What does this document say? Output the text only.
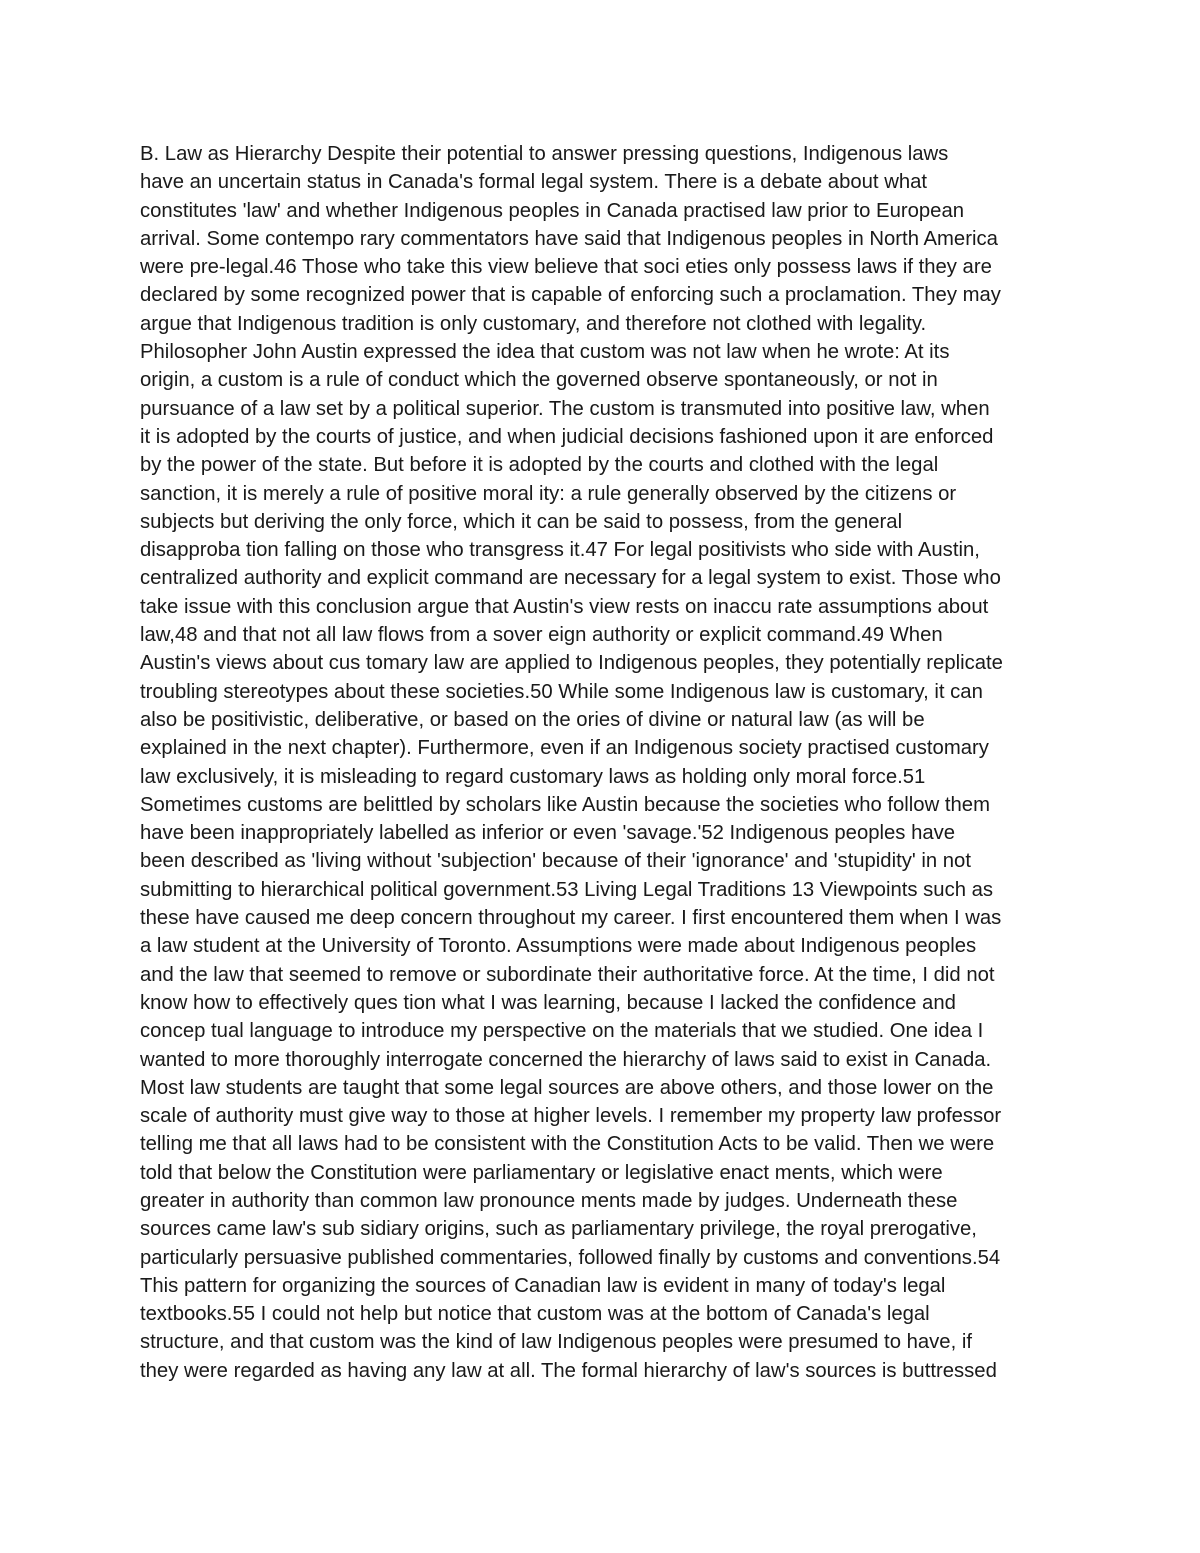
B. Law as Hierarchy Despite their potential to answer pressing questions, Indigenous laws
have an uncertain status in Canada's formal legal system. There is a debate about what
constitutes 'law' and whether Indigenous peoples in Canada practised law prior to European
arrival. Some contempo rary commentators have said that Indigenous peoples in North America
were pre-legal.46 Those who take this view believe that soci eties only possess laws if they are
declared by some recognized power that is capable of enforcing such a proclamation. They may
argue that Indigenous tradition is only customary, and therefore not clothed with legality.
Philosopher John Austin expressed the idea that custom was not law when he wrote: At its
origin, a custom is a rule of conduct which the governed observe spontaneously, or not in
pursuance of a law set by a political superior. The custom is transmuted into positive law, when
it is adopted by the courts of justice, and when judicial decisions fashioned upon it are enforced
by the power of the state. But before it is adopted by the courts and clothed with the legal
sanction, it is merely a rule of positive moral ity: a rule generally observed by the citizens or
subjects but deriving the only force, which it can be said to possess, from the general
disapproba tion falling on those who transgress it.47 For legal positivists who side with Austin,
centralized authority and explicit command are necessary for a legal system to exist. Those who
take issue with this conclusion argue that Austin's view rests on inaccu rate assumptions about
law,48 and that not all law flows from a sover eign authority or explicit command.49 When
Austin's views about cus tomary law are applied to Indigenous peoples, they potentially replicate
troubling stereotypes about these societies.50 While some Indigenous law is customary, it can
also be positivistic, deliberative, or based on the ories of divine or natural law (as will be
explained in the next chapter). Furthermore, even if an Indigenous society practised customary
law exclusively, it is misleading to regard customary laws as holding only moral force.51
Sometimes customs are belittled by scholars like Austin because the societies who follow them
have been inappropriately labelled as inferior or even 'savage.'52 Indigenous peoples have
been described as 'living without 'subjection' because of their 'ignorance' and 'stupidity' in not
submitting to hierarchical political government.53 Living Legal Traditions 13 Viewpoints such as
these have caused me deep concern throughout my career. I first encountered them when I was
a law student at the University of Toronto. Assumptions were made about Indigenous peoples
and the law that seemed to remove or subordinate their authoritative force. At the time, I did not
know how to effectively ques tion what I was learning, because I lacked the confidence and
concep tual language to introduce my perspective on the materials that we studied. One idea I
wanted to more thoroughly interrogate concerned the hierarchy of laws said to exist in Canada.
Most law students are taught that some legal sources are above others, and those lower on the
scale of authority must give way to those at higher levels. I remember my property law professor
telling me that all laws had to be consistent with the Constitution Acts to be valid. Then we were
told that below the Constitution were parliamentary or legislative enact ments, which were
greater in authority than common law pronounce ments made by judges. Underneath these
sources came law's sub sidiary origins, such as parliamentary privilege, the royal prerogative,
particularly persuasive published commentaries, followed finally by customs and conventions.54
This pattern for organizing the sources of Canadian law is evident in many of today's legal
textbooks.55 I could not help but notice that custom was at the bottom of Canada's legal
structure, and that custom was the kind of law Indigenous peoples were presumed to have, if
they were regarded as having any law at all. The formal hierarchy of law's sources is buttressed
